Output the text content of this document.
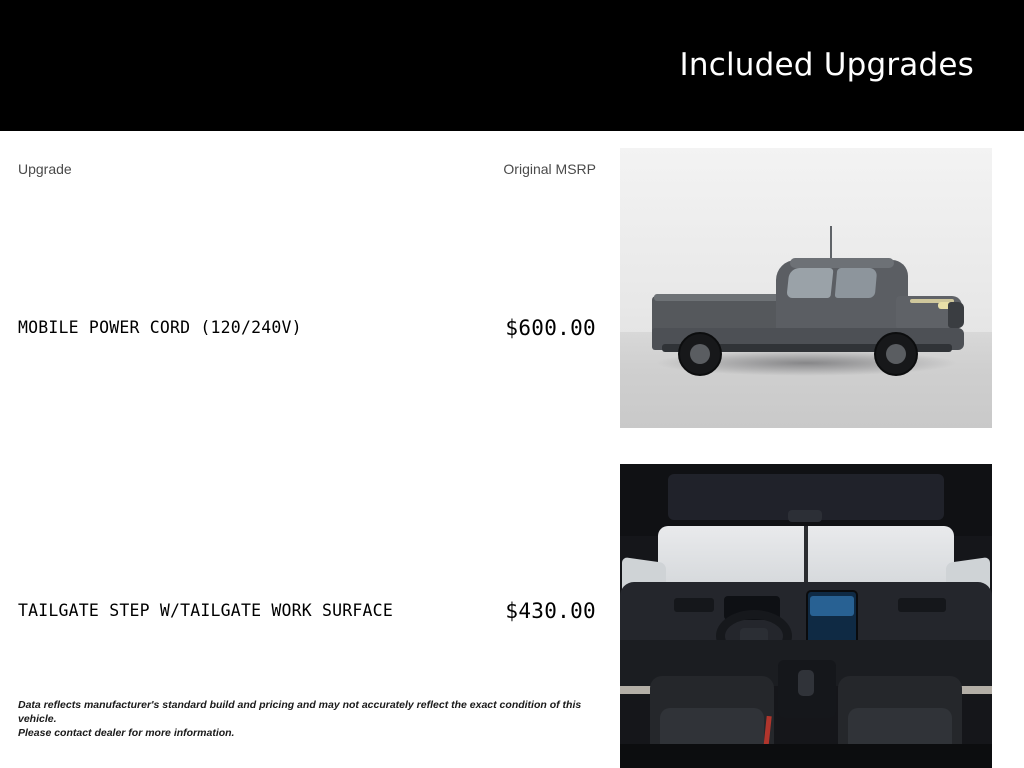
Included Upgrades
Upgrade	Original MSRP
MOBILE POWER CORD (120/240V)	$600.00
TAILGATE STEP W/TAILGATE WORK SURFACE	$430.00
Data reflects manufacturer's standard build and pricing and may not accurately reflect the exact condition of this vehicle.
Please contact dealer for more information.
